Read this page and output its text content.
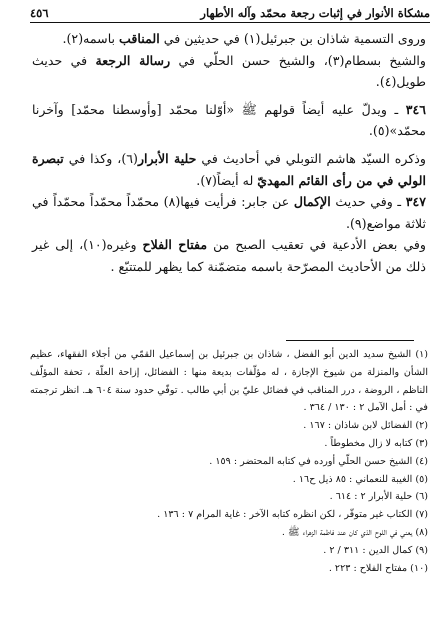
٤٥٦	مشكاة الأنوار في إثبات رجعة محمّد وآله الأطهار

وروى التسمية شاذان بن جبرئيل(١) في حديثين في المناقب باسمه(٢).

والشيخ بسطام(٣)، والشيخ حسن الحلّي في رسالة الرجعة في حديث طويل(٤).

٣٤٦ ـ ويدلّ عليه أيضاً قولهم ﷺ «أوّلنا محمّد [وأوسطنا محمّد] وآخرنا محمّد»(٥).

وذكره السيّد هاشم التوبلي في أحاديث في حلية الأبرار(٦)، وكذا في تبصرة الولي في من رأى القائم المهديّ له أيضاً(٧).

٣٤٧ ـ وفي حديث الإكمال عن جابر: فرأيت فيها(٨) محمّداً محمّداً محمّداً في ثلاثة مواضع(٩).

وفي بعض الأدعية في تعقيب الصبح من مفتاح الفلاح وغيره(١٠)، إلى غير ذلك من الأحاديث المصرّحة باسمه متضمّنة كما يظهر للمتتبّع .

(١) الشيخ سديد الدين أبو الفضل ، شاذان بن جبرئيل بن إسماعيل القمّي من أجلاء الفقهاء، عظيم الشأن والمنزلة من شيوخ الإجازة ، له مؤلّفات بديعة منها : الفضائل، إزاحة العلّة ، تحفة المؤلّف الناظم ، الروضة ، درر المناقب في فضائل عليّ بن أبي طالب . توفّي حدود سنة ٦٠٤ هـ. انظر ترجمته في : أمل الآمل ٢ : ١٣٠ / ٣٦٤ .
(٢) الفضائل لابن شاذان : ١٦٧ .
(٣) كتابه لا زال مخطوطاً .
(٤) الشيخ حسن الحلّي أورده في كتابه المحتضر : ١٥٩ .
(٥) الغيبة للنعماني : ٨٥ ذيل ح١٦ .
(٦) حلية الأبرار ٢ : ٦١٤ .
(٧) الكتاب غير متوفّر ، لكن انظره كتابه الآخر : غاية المرام ٧ : ١٣٦ .
(٨) يعني في اللوح الذي كان عند فاطمة الزهراء ﷺ .
(٩) كمال الدين : ٣١١ / ٢ .
(١٠) مفتاح الفلاح : ٢٢٣ .
